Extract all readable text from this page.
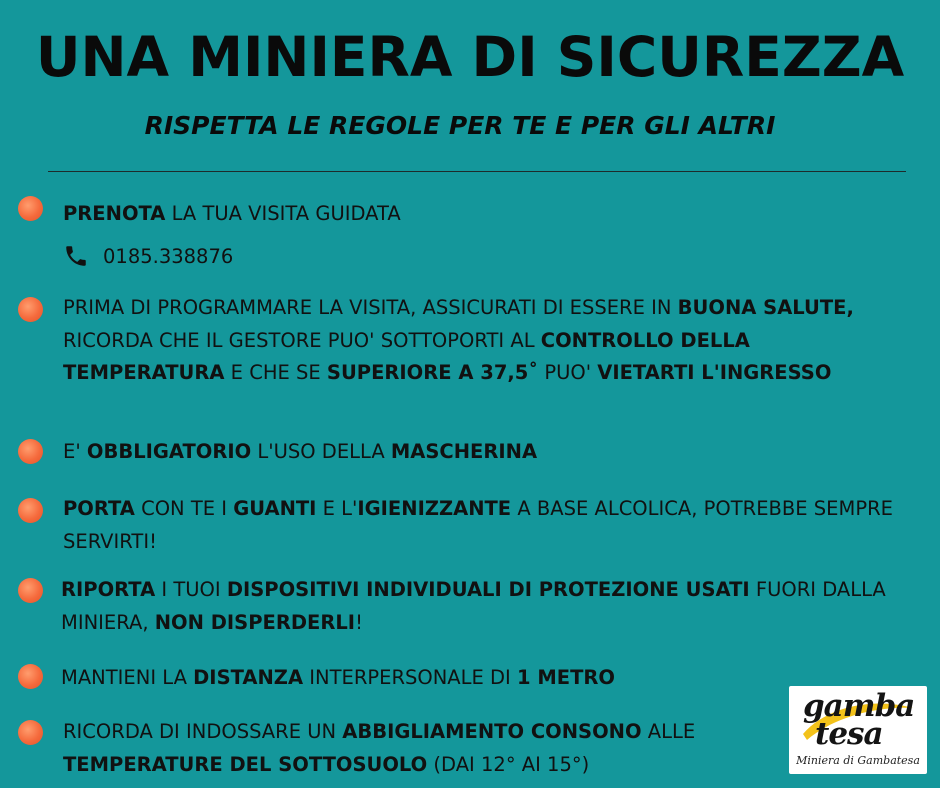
UNA MINIERA DI SICUREZZA
RISPETTA LE REGOLE PER TE E PER GLI ALTRI

PRENOTA LA TUA VISITA GUIDATA

0185.338876

PRIMA DI PROGRAMMARE LA VISITA, ASSICURATI DI ESSERE IN BUONA SALUTE, RICORDA CHE IL GESTORE PUO' SOTTOPORTI AL CONTROLLO DELLA TEMPERATURA E CHE SE SUPERIORE A 37,5˚ PUO' VIETARTI L'INGRESSO

E' OBBLIGATORIO L'USO DELLA MASCHERINA

PORTA CON TE I GUANTI E L'IGIENIZZANTE A BASE ALCOLICA, POTREBBE SEMPRE SERVIRTI!

RIPORTA I TUOI DISPOSITIVI INDIVIDUALI DI PROTEZIONE USATI FUORI DALLA MINIERA, NON DISPERDERLI!

MANTIENI LA DISTANZA INTERPERSONALE DI 1 METRO

RICORDA DI INDOSSARE UN ABBIGLIAMENTO CONSONO ALLE TEMPERATURE DEL SOTTOSUOLO (DAI 12° AI 15°)

gamba
tesa
Miniera di Gambatesa
